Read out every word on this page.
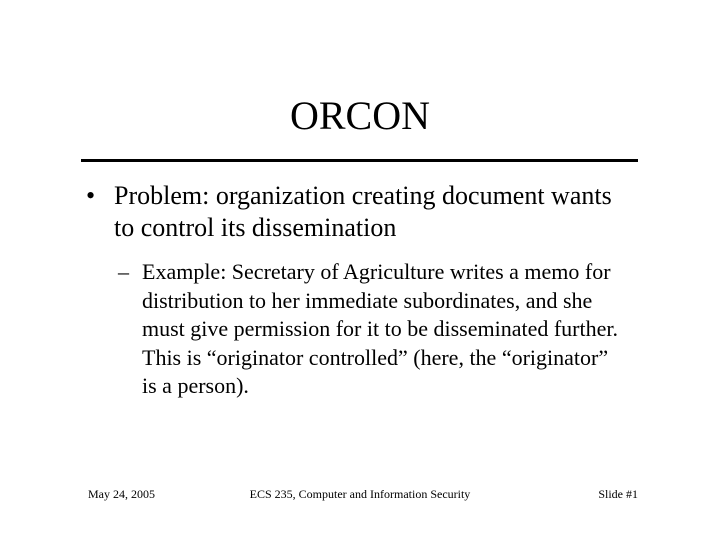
ORCON
• Problem: organization creating document wants to control its dissemination
– Example: Secretary of Agriculture writes a memo for distribution to her immediate subordinates, and she must give permission for it to be disseminated further. This is “originator controlled” (here, the “originator” is a person).
May 24, 2005	ECS 235, Computer and Information Security	Slide #1
